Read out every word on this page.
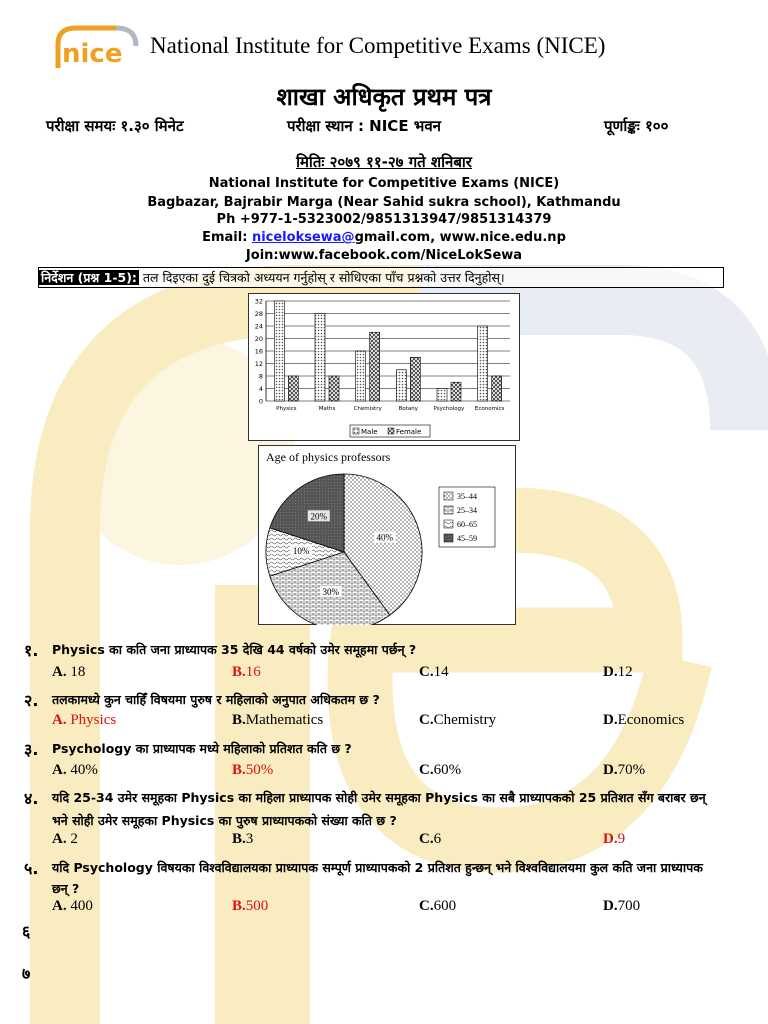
nice National Institute for Competitive Exams (NICE)
शाखा अधिकृत प्रथम पत्र
परीक्षा समयः १.३० मिनेट	परीक्षा स्थान : NICE भवन	पूर्णाङ्कः १००
मितिः २०७९ ११-२७ गते शनिबार
National Institute for Competitive Exams (NICE)
Bagbazar, Bajrabir Marga (Near Sahid sukra school), Kathmandu
Ph +977-1-5323002/9851313947/9851314379
Email: niceloksewa@gmail.com, www.nice.edu.np
Join:www.facebook.com/NiceLokSewa
निर्देशन (प्रश्न 1-5): तल दिइएका दुई चित्रको अध्ययन गर्नुहोस् र सोधिएका पाँच प्रश्नको उत्तर दिनुहोस्।
0
4
8
12
16
20
24
28
32
Physics	Maths	Chemistry	Botany	Psychology Economics
Male	Female
Age of physics professors
40%
30%
10%
20%
35–44
25–34
60–65
45–59
१. Physics का कति जना प्राध्यापक 35 देखि 44 वर्षको उमेर समूहमा पर्छन् ?
A. 18	B.16	C.14	D.12
२. तलकामध्ये कुन चाहिँ विषयमा पुरुष र महिलाको अनुपात अधिकतम छ ?
A. Physics	B.Mathematics	C.Chemistry	D.Economics
३. Psychology का प्राध्यापक मध्ये महिलाको प्रतिशत कति छ ?
A. 40%	B.50%	C.60%	D.70%
४. यदि 25-34 उमेर समूहका Physics का महिला प्राध्यापक सोही उमेर समूहका Physics का सबै प्राध्यापकको 25 प्रतिशत सँग बराबर छन्
भने सोही उमेर समूहका Physics का पुरुष प्राध्यापकको संख्या कति छ ?
A. 2	B.3	C.6	D.9
५. यदि Psychology विषयका विश्वविद्यालयका प्राध्यापक सम्पूर्ण प्राध्यापकको 2 प्रतिशत हुन्छन् भने विश्वविद्यालयमा कुल कति जना प्राध्यापक
छन् ?
A. 400	B.500	C.600	D.700
६
७
